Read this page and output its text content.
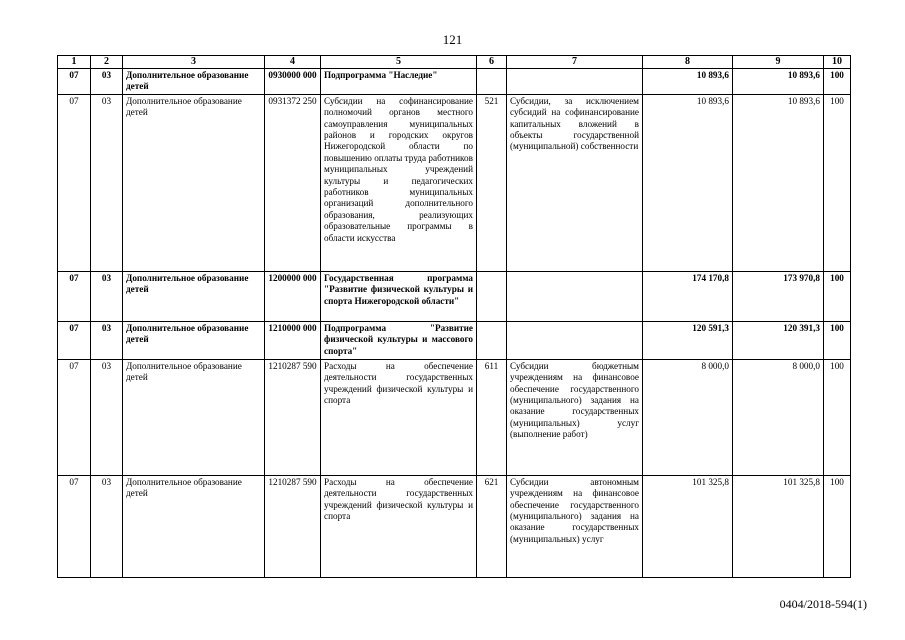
121
1	2	3	4	5	6	7	8	9	10
07	03	Дополнительное образование детей	0930000 000	Подпрограмма "Наследие"			10 893,6	10 893,6	100
07	03	Дополнительное образование детей	0931372 250	Субсидии на софинансирование полномочий органов местного самоуправления муниципальных районов и городских округов Нижегородской области по повышению оплаты труда работников муниципальных учреждений культуры и педагогических работников муниципальных организаций дополнительного образования, реализующих образовательные программы в области искусства	521	Субсидии, за исключением субсидий на софинансирование капитальных вложений в объекты государственной (муниципальной) собственности	10 893,6	10 893,6	100
07	03	Дополнительное образование детей	1200000 000	Государственная программа "Развитие физической культуры и спорта Нижегородской области"			174 170,8	173 970,8	100
07	03	Дополнительное образование детей	1210000 000	Подпрограмма "Развитие физической культуры и массового спорта"			120 591,3	120 391,3	100
07	03	Дополнительное образование детей	1210287 590	Расходы на обеспечение деятельности государственных учреждений физической культуры и спорта	611	Субсидии бюджетным учреждениям на финансовое обеспечение государственного (муниципального) задания на оказание государственных (муниципальных) услуг (выполнение работ)	8 000,0	8 000,0	100
07	03	Дополнительное образование детей	1210287 590	Расходы на обеспечение деятельности государственных учреждений физической культуры и спорта	621	Субсидии автономным учреждениям на финансовое обеспечение государственного (муниципального) задания на оказание государственных (муниципальных) услуг	101 325,8	101 325,8	100
0404/2018-594(1)
